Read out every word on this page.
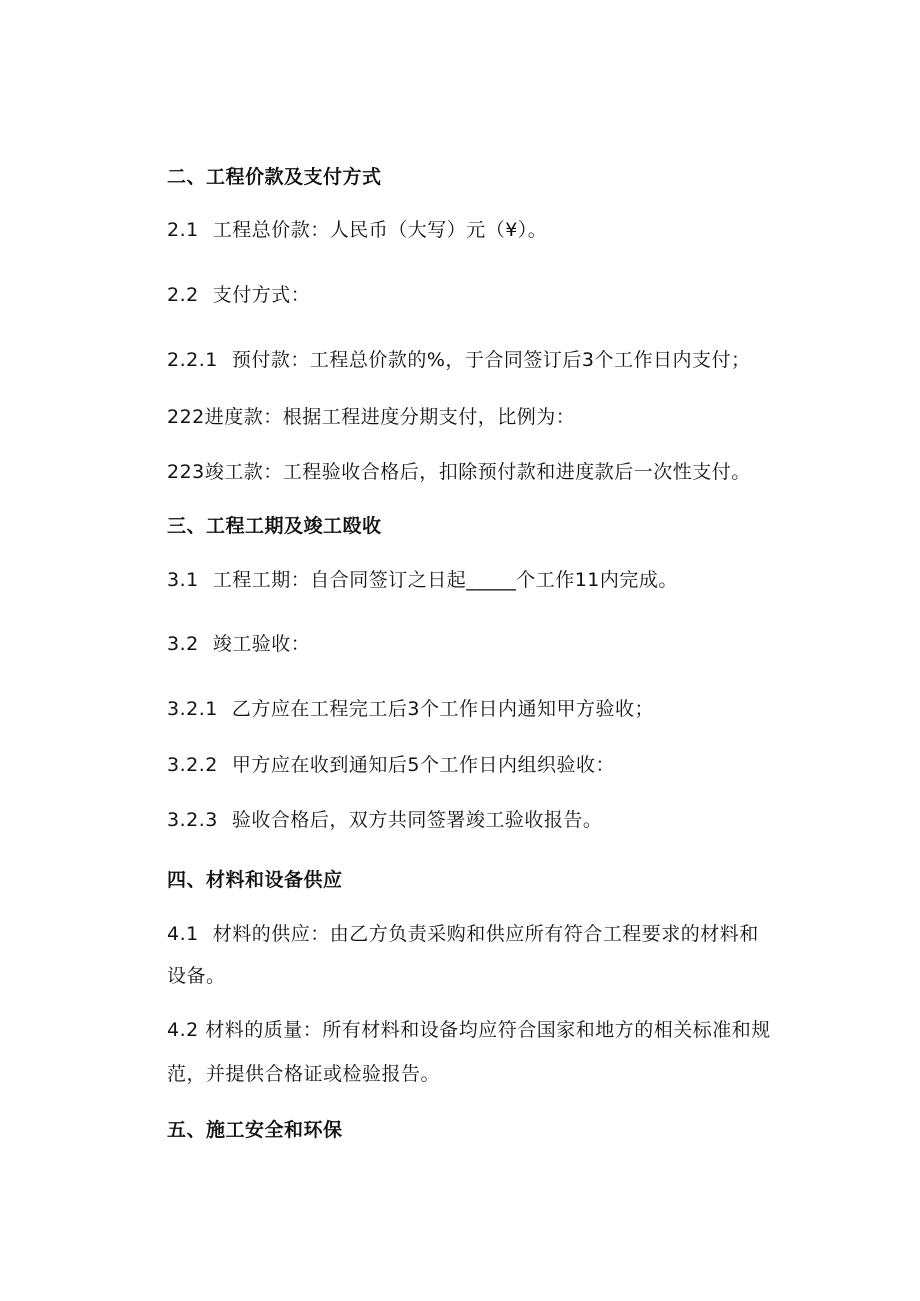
二、工程价款及支付方式
2.1 工程总价款：人民币（大写）元（¥）。
2.2 支付方式：
2.2.1 预付款：工程总价款的%，于合同签订后3个工作日内支付；
222进度款：根据工程进度分期支付，比例为：
223竣工款：工程验收合格后，扣除预付款和进度款后一次性支付。
三、工程工期及竣工殴收
3.1 工程工期：自合同签订之日起_____个工作11内完成。
3.2 竣工验收：
3.2.1 乙方应在工程完工后3个工作日内通知甲方验收；
3.2.2 甲方应在收到通知后5个工作日内组织验收：
3.2.3 验收合格后，双方共同签署竣工验收报告。
四、材料和设备供应
4.1 材料的供应：由乙方负责采购和供应所有符合工程要求的材料和
设备。
4.2 材料的质量：所有材料和设备均应符合国家和地方的相关标准和规
范，并提供合格证或检验报告。
五、施工安全和环保
